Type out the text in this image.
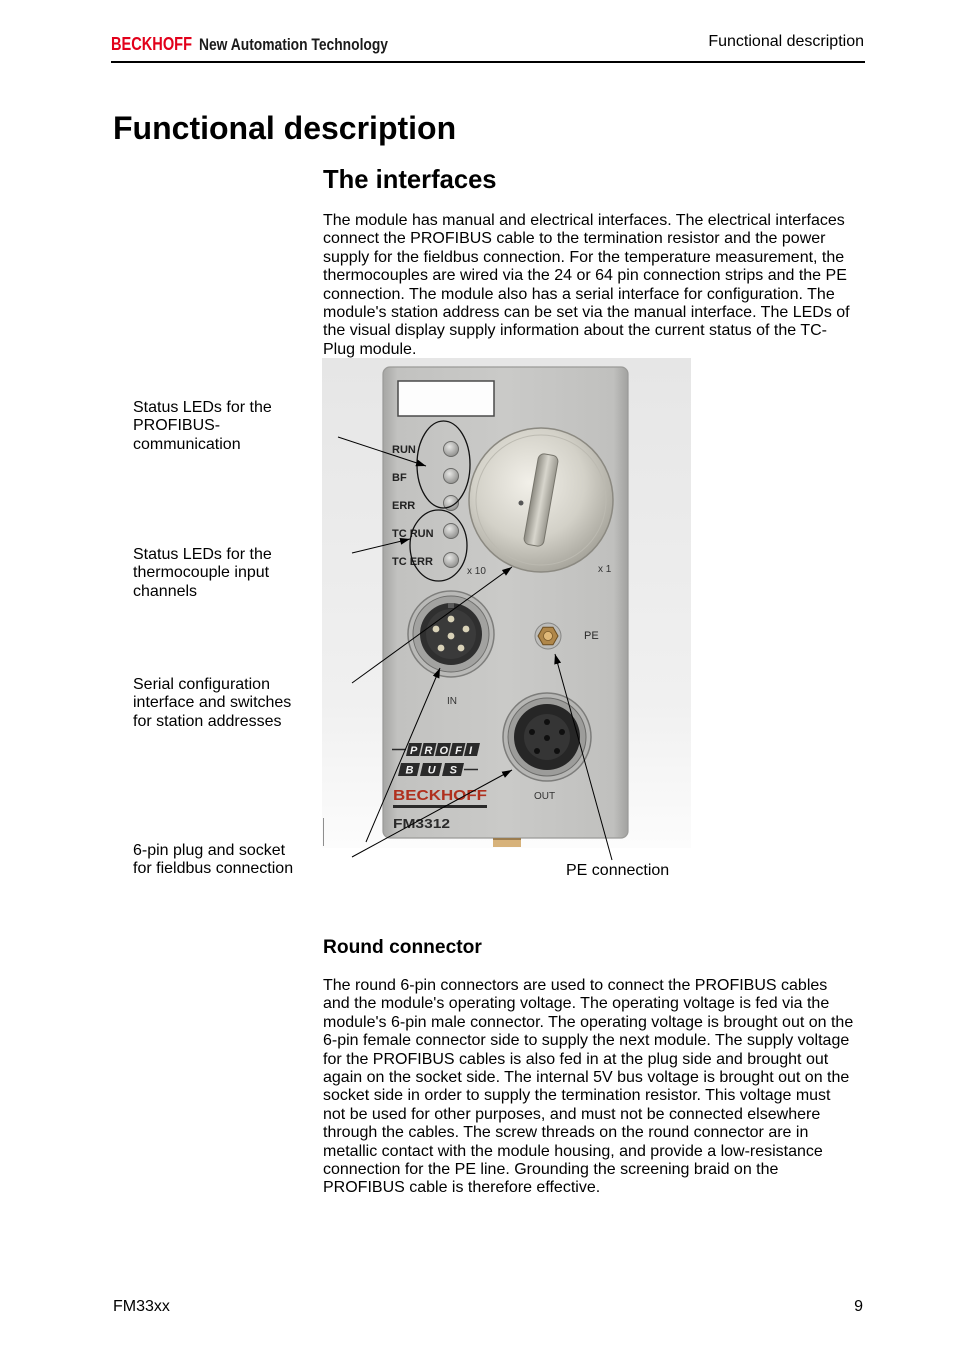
BECKHOFF New Automation Technology	Functional description
Functional description
The interfaces

The module has manual and electrical interfaces. The electrical interfaces
connect the PROFIBUS cable to the termination resistor and the power
supply for the fieldbus connection. For the temperature measurement, the
thermocouples are wired via the 24 or 64 pin connection strips and the PE
connection. The module also has a serial interface for configuration. The
module's station address can be set via the manual interface. The LEDs of
the visual display supply information about the current status of the TC-
Plug module.

Status LEDs for the
PROFIBUS-
communication
Status LEDs for the
thermocouple input
channels
Serial configuration
interface and switches
for station addresses
6-pin plug and socket
for fieldbus connection	PE connection
RUN
BF
ERR
TC RUN
TC ERR
x 10	x 1
IN
PE
OUT
PROFI
BUS
BECKHOFF
FM3312
Round connector

The round 6-pin connectors are used to connect the PROFIBUS cables
and the module's operating voltage. The operating voltage is fed via the
module's 6-pin male connector. The operating voltage is brought out on the
6-pin female connector side to supply the next module. The supply voltage
for the PROFIBUS cables is also fed in at the plug side and brought out
again on the socket side. The internal 5V bus voltage is brought out on the
socket side in order to supply the termination resistor. This voltage must
not be used for other purposes, and must not be connected elsewhere
through the cables. The screw threads on the round connector are in
metallic contact with the module housing, and provide a low-resistance
connection for the PE line. Grounding the screening braid on the
PROFIBUS cable is therefore effective.

FM33xx	9
